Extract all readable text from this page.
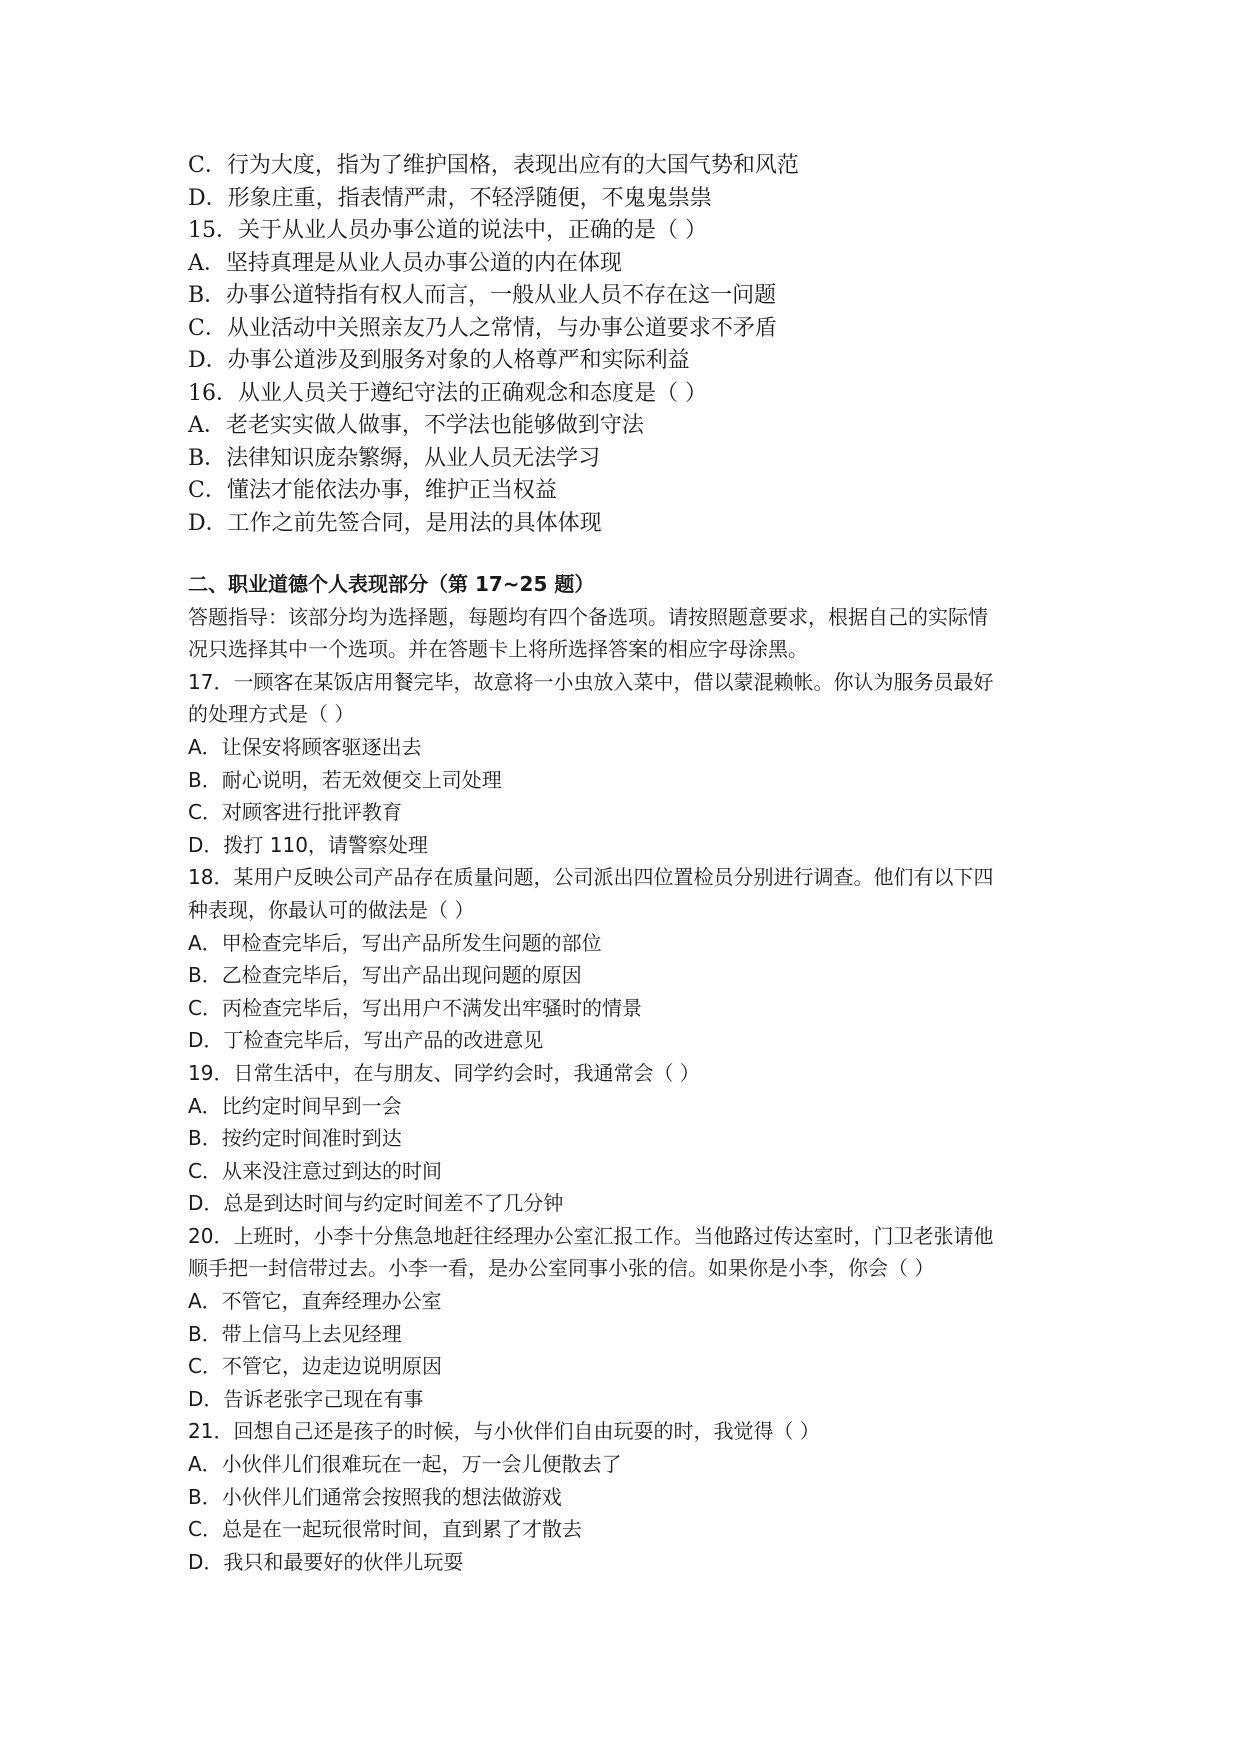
C．行为大度，指为了维护国格，表现出应有的大国气势和风范
D．形象庄重，指表情严肃，不轻浮随便，不鬼鬼祟祟
15．关于从业人员办事公道的说法中，正确的是（ ）
A．坚持真理是从业人员办事公道的内在体现
B．办事公道特指有权人而言，一般从业人员不存在这一问题
C．从业活动中关照亲友乃人之常情，与办事公道要求不矛盾
D．办事公道涉及到服务对象的人格尊严和实际利益
16．从业人员关于遵纪守法的正确观念和态度是（ ）
A．老老实实做人做事，不学法也能够做到守法
B．法律知识庞杂繁缛，从业人员无法学习
C．懂法才能依法办事，维护正当权益
D．工作之前先签合同，是用法的具体体现
二、职业道德个人表现部分（第 17~25 题）
答题指导：该部分均为选择题，每题均有四个备选项。请按照题意要求，根据自己的实际情
况只选择其中一个选项。并在答题卡上将所选择答案的相应字母涂黑。
17．一顾客在某饭店用餐完毕，故意将一小虫放入菜中，借以蒙混赖帐。你认为服务员最好
的处理方式是（ ）
A．让保安将顾客驱逐出去
B．耐心说明，若无效便交上司处理
C．对顾客进行批评教育
D．拨打 110，请警察处理
18．某用户反映公司产品存在质量问题，公司派出四位置检员分别进行调查。他们有以下四
种表现，你最认可的做法是（ ）
A．甲检查完毕后，写出产品所发生问题的部位
B．乙检查完毕后，写出产品出现问题的原因
C．丙检查完毕后，写出用户不满发出牢骚时的情景
D．丁检查完毕后，写出产品的改进意见
19．日常生活中，在与朋友、同学约会时，我通常会（ ）
A．比约定时间早到一会
B．按约定时间准时到达
C．从来没注意过到达的时间
D．总是到达时间与约定时间差不了几分钟
20．上班时，小李十分焦急地赶往经理办公室汇报工作。当他路过传达室时，门卫老张请他
顺手把一封信带过去。小李一看，是办公室同事小张的信。如果你是小李，你会（ ）
A．不管它，直奔经理办公室
B．带上信马上去见经理
C．不管它，边走边说明原因
D．告诉老张字己现在有事
21．回想自己还是孩子的时候，与小伙伴们自由玩耍的时，我觉得（ ）
A．小伙伴儿们很难玩在一起，万一会儿便散去了
B．小伙伴儿们通常会按照我的想法做游戏
C．总是在一起玩很常时间，直到累了才散去
D．我只和最要好的伙伴儿玩耍
